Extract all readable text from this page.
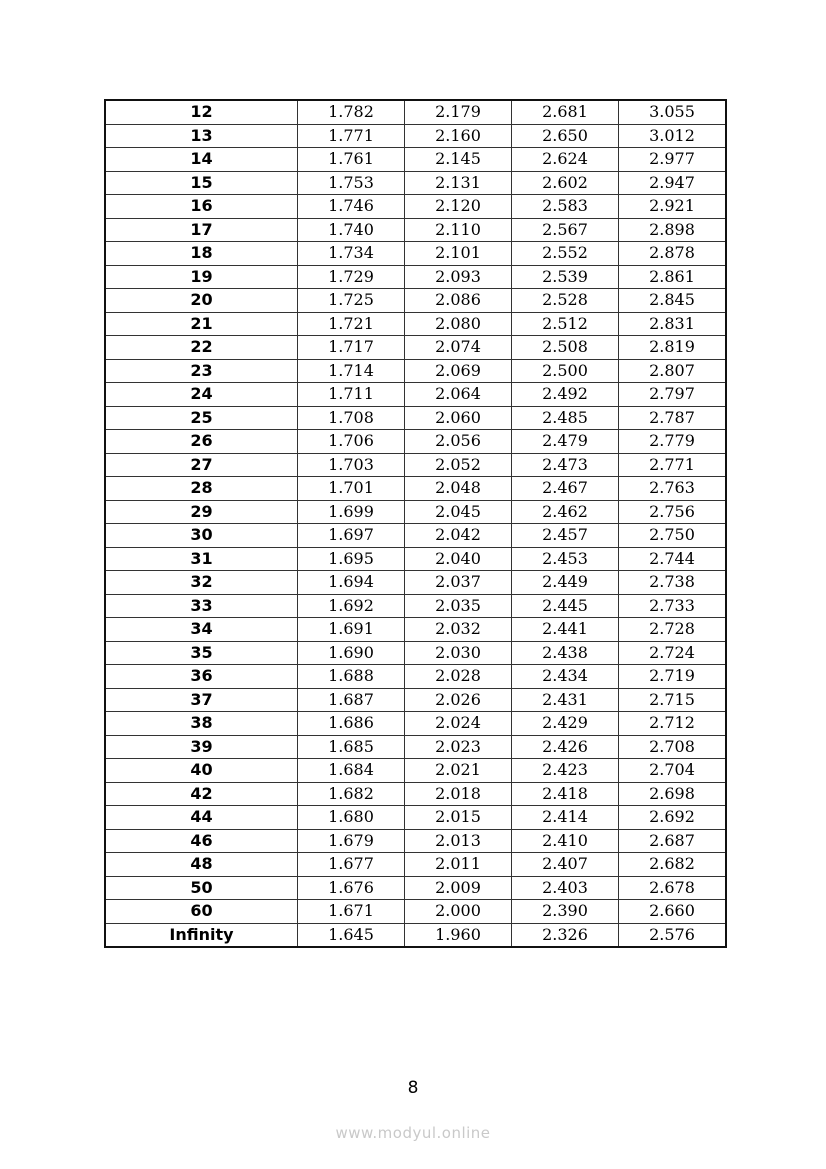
12	1.782	2.179	2.681	3.055
13	1.771	2.160	2.650	3.012
14	1.761	2.145	2.624	2.977
15	1.753	2.131	2.602	2.947
16	1.746	2.120	2.583	2.921
17	1.740	2.110	2.567	2.898
18	1.734	2.101	2.552	2.878
19	1.729	2.093	2.539	2.861
20	1.725	2.086	2.528	2.845
21	1.721	2.080	2.512	2.831
22	1.717	2.074	2.508	2.819
23	1.714	2.069	2.500	2.807
24	1.711	2.064	2.492	2.797
25	1.708	2.060	2.485	2.787
26	1.706	2.056	2.479	2.779
27	1.703	2.052	2.473	2.771
28	1.701	2.048	2.467	2.763
29	1.699	2.045	2.462	2.756
30	1.697	2.042	2.457	2.750
31	1.695	2.040	2.453	2.744
32	1.694	2.037	2.449	2.738
33	1.692	2.035	2.445	2.733
34	1.691	2.032	2.441	2.728
35	1.690	2.030	2.438	2.724
36	1.688	2.028	2.434	2.719
37	1.687	2.026	2.431	2.715
38	1.686	2.024	2.429	2.712
39	1.685	2.023	2.426	2.708
40	1.684	2.021	2.423	2.704
42	1.682	2.018	2.418	2.698
44	1.680	2.015	2.414	2.692
46	1.679	2.013	2.410	2.687
48	1.677	2.011	2.407	2.682
50	1.676	2.009	2.403	2.678
60	1.671	2.000	2.390	2.660
Infinity	1.645	1.960	2.326	2.576
8
www.modyul.online
